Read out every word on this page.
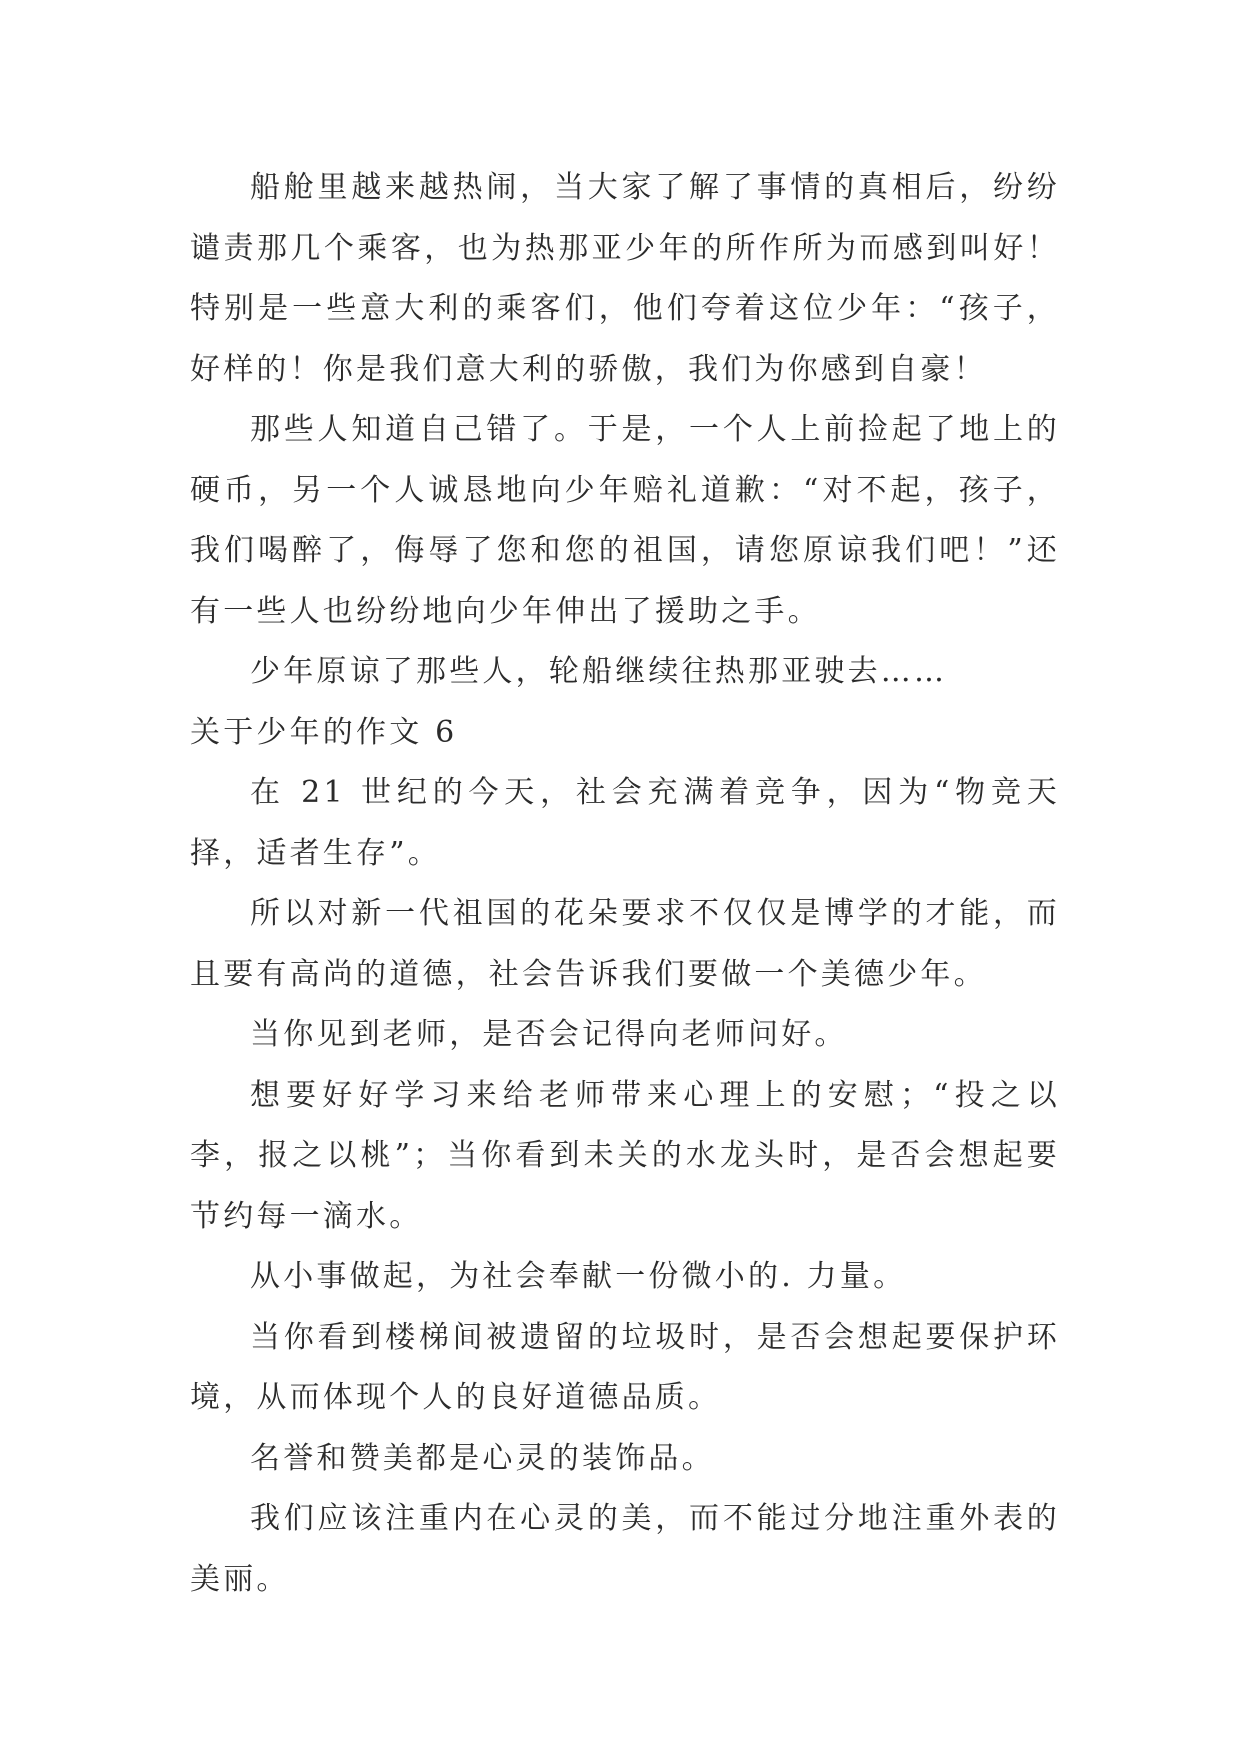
船舱里越来越热闹，当大家了解了事情的真相后，纷纷谴责那几个乘客，也为热那亚少年的所作所为而感到叫好！特别是一些意大利的乘客们，他们夸着这位少年：“孩子，好样的！你是我们意大利的骄傲，我们为你感到自豪！

那些人知道自己错了。于是，一个人上前捡起了地上的硬币，另一个人诚恳地向少年赔礼道歉：“对不起，孩子，我们喝醉了，侮辱了您和您的祖国，请您原谅我们吧！”还有一些人也纷纷地向少年伸出了援助之手。

少年原谅了那些人，轮船继续往热那亚驶去……

关于少年的作文 6

在 21 世纪的今天，社会充满着竞争，因为“物竞天择，适者生存”。

所以对新一代祖国的花朵要求不仅仅是博学的才能，而且要有高尚的道德，社会告诉我们要做一个美德少年。

当你见到老师，是否会记得向老师问好。

想要好好学习来给老师带来心理上的安慰；“投之以李，报之以桃”；当你看到未关的水龙头时，是否会想起要节约每一滴水。

从小事做起，为社会奉献一份微小的. 力量。

当你看到楼梯间被遗留的垃圾时，是否会想起要保护环境，从而体现个人的良好道德品质。

名誉和赞美都是心灵的装饰品。

我们应该注重内在心灵的美，而不能过分地注重外表的美丽。
